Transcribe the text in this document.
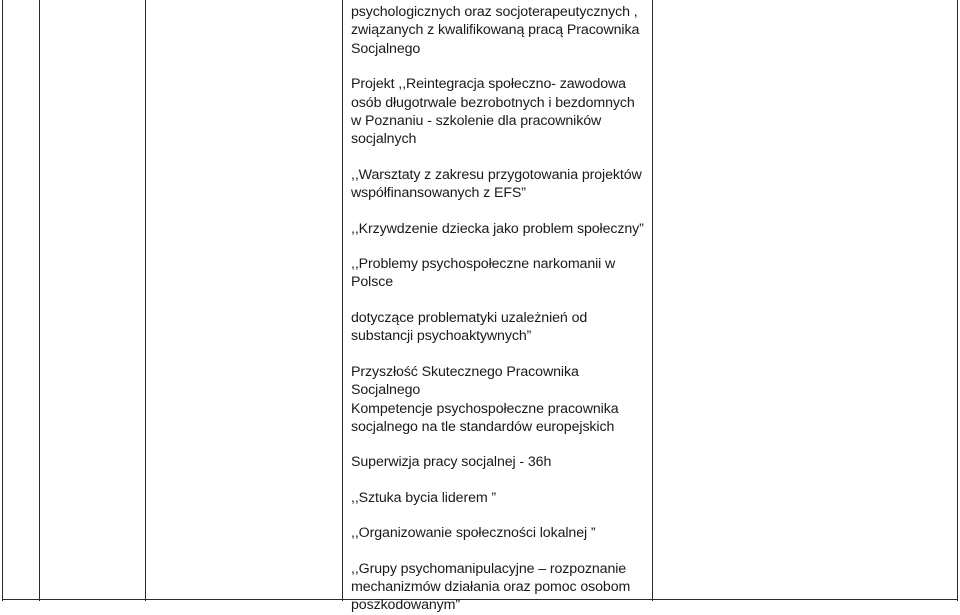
psychologicznych oraz socjoterapeutycznych ,
związanych z kwalifikowaną pracą Pracownika
Socjalnego

Projekt ,,Reintegracja społeczno- zawodowa
osób długotrwale bezrobotnych i bezdomnych
w Poznaniu - szkolenie dla pracowników
socjalnych

,,Warsztaty z zakresu przygotowania projektów
współfinansowanych z EFS”

,,Krzywdzenie dziecka jako problem społeczny”

,,Problemy psychospołeczne narkomanii w
Polsce

dotyczące problematyki uzależnień od
substancji psychoaktywnych”

Przyszłość Skutecznego Pracownika Socjalnego
Kompetencje psychospołeczne pracownika
socjalnego na tle standardów europejskich

Superwizja pracy socjalnej - 36h

,,Sztuka bycia liderem ”

,,Organizowanie społeczności lokalnej ”

,,Grupy psychomanipulacyjne – rozpoznanie
mechanizmów działania oraz pomoc osobom
poszkodowanym”
